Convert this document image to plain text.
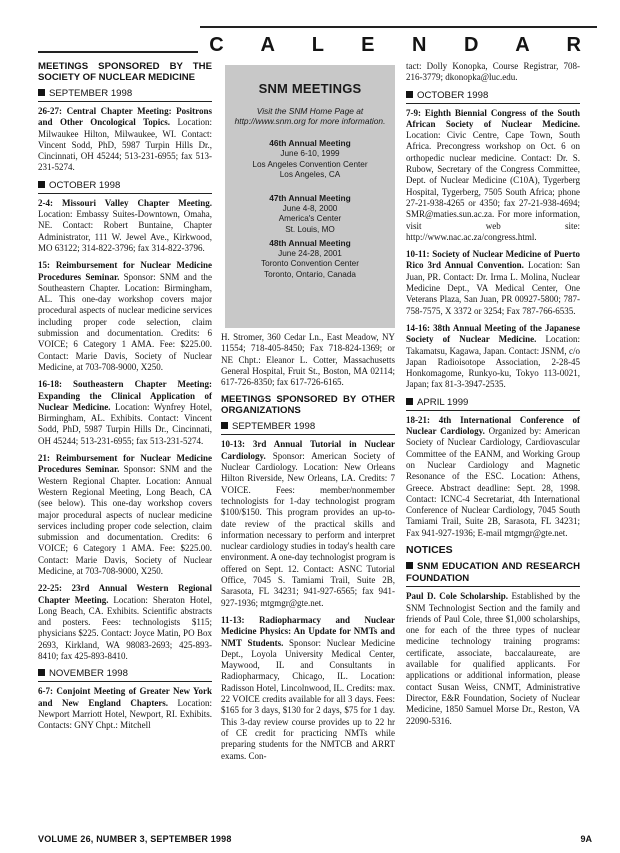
C A L E N D A R
MEETINGS SPONSORED BY THE SOCIETY OF NUCLEAR MEDICINE
SEPTEMBER 1998
26-27: Central Chapter Meeting: Positrons and Other Oncological Topics. Location: Milwaukee Hilton, Milwaukee, WI. Contact: Vincent Sodd, PhD, 5987 Turpin Hills Dr., Cincinnati, OH 45244; 513-231-6955; fax 513-231-5274.
OCTOBER 1998
2-4: Missouri Valley Chapter Meeting. Location: Embassy Suites-Downtown, Omaha, NE. Contact: Robert Buntaine, Chapter Administrator, 111 W. Jewel Ave., Kirkwood, MO 63122; 314-822-3796; fax 314-822-3796.
15: Reimbursement for Nuclear Medicine Procedures Seminar. Sponsor: SNM and the Southeastern Chapter. Location: Birmingham, AL. This one-day workshop covers major procedural aspects of nuclear medicine services including proper code selection, claim submission and documentation. Credits: 6 VOICE; 6 Category 1 AMA. Fee: $225.00. Contact: Marie Davis, Society of Nuclear Medicine, at 703-708-9000, X250.
16-18: Southeastern Chapter Meeting: Expanding the Clinical Application of Nuclear Medicine. Location: Wynfrey Hotel, Birmingham, AL. Exhibits. Contact: Vincent Sodd, PhD, 5987 Turpin Hills Dr., Cincinnati, OH 45244; 513-231-6955; fax 513-231-5274.
21: Reimbursement for Nuclear Medicine Procedures Seminar. Sponsor: SNM and the Western Regional Chapter. Location: Annual Western Regional Meeting, Long Beach, CA (see below). This one-day workshop covers major procedural aspects of nuclear medicine services including proper code selection, claim submission and documentation. Credits: 6 VOICE; 6 Category 1 AMA. Fee: $225.00. Contact: Marie Davis, Society of Nuclear Medicine, at 703-708-9000, X250.
22-25: 23rd Annual Western Regional Chapter Meeting. Location: Sheraton Hotel, Long Beach, CA. Exhibits. Scientific abstracts and posters. Fees: technologists $115; physicians $225. Contact: Joyce Matin, PO Box 2693, Kirkland, WA 98083-2693; 425-893-8410; fax 425-893-8410.
NOVEMBER 1998
6-7: Conjoint Meeting of Greater New York and New England Chapters. Location: Newport Marriott Hotel, Newport, RI. Exhibits. Contacts: GNY Chpt.: Mitchell
SNM MEETINGS
Visit the SNM Home Page at http://www.snm.org for more information.
46th Annual Meeting
June 6-10, 1999
Los Angeles Convention Center
Los Angeles, CA
47th Annual Meeting
June 4-8, 2000
America's Center
St. Louis, MO
48th Annual Meeting
June 24-28, 2001
Toronto Convention Center
Toronto, Ontario, Canada
H. Stromer, 360 Cedar Ln., East Meadow, NY 11554; 718-405-8450; Fax 718-824-1369; or NE Chpt.: Eleanor L. Cotter, Massachusetts General Hospital, Fruit St., Boston, MA 02114; 617-726-8350; fax 617-726-6165.
MEETINGS SPONSORED BY OTHER ORGANIZATIONS
SEPTEMBER 1998
10-13: 3rd Annual Tutorial in Nuclear Cardiology. Sponsor: American Society of Nuclear Cardiology. Location: New Orleans Hilton Riverside, New Orleans, LA. Credits: 7 VOICE. Fees: member/nonmember technologists for 1-day technologist program $100/$150. This program provides an up-to-date review of the practical skills and information necessary to perform and interpret nuclear cardiology studies in today's health care environment. A one-day technologist program is offered on Sept. 12. Contact: ASNC Tutorial Office, 7045 S. Tamiami Trail, Suite 2B, Sarasota, FL 34231; 941-927-6565; fax 941-927-1936; mtgmgr@gte.net.
11-13: Radiopharmacy and Nuclear Medicine Physics: An Update for NMTs and NMT Students. Sponsor: Nuclear Medicine Dept., Loyola University Medical Center, Maywood, IL and Consultants in Radiopharmacy, Chicago, IL. Location: Radisson Hotel, Lincolnwood, IL. Credits: max. 22 VOICE credits available for all 3 days. Fees: $165 for 3 days, $130 for 2 days, $75 for 1 day. This 3-day review course provides up to 22 hr of CE credit for practicing NMTs while preparing students for the NMTCB and ARRT exams. Con-
tact: Dolly Konopka, Course Registrar, 708-216-3779; dkonopka@luc.edu.
OCTOBER 1998
7-9: Eighth Biennial Congress of the South African Society of Nuclear Medicine. Location: Civic Centre, Cape Town, South Africa. Precongress workshop on Oct. 6 on orthopedic nuclear medicine. Contact: Dr. S. Rubow, Secretary of the Congress Committee, Dept. of Nuclear Medicine (C10A), Tygerberg Hospital, Tygerberg, 7505 South Africa; phone 27-21-938-4265 or 4350; fax 27-21-938-4694; SMR@maties.sun.ac.za. For more information, visit web site: http://www.nac.ac.za/congress.html.
10-11: Society of Nuclear Medicine of Puerto Rico 3rd Annual Convention. Location: San Juan, PR. Contact: Dr. Irma L. Molina, Nuclear Medicine Dept., VA Medical Center, One Veterans Plaza, San Juan, PR 00927-5800; 787-758-7575, X 3372 or 3254; Fax 787-766-6535.
14-16: 38th Annual Meeting of the Japanese Society of Nuclear Medicine. Location: Takamatsu, Kagawa, Japan. Contact: JSNM, c/o Japan Radioisotope Association, 2-28-45 Honkomagome, Runkyo-ku, Tokyo 113-0021, Japan; fax 81-3-3947-2535.
APRIL 1999
18-21: 4th International Conference of Nuclear Cardiology. Organized by: American Society of Nuclear Cardiology, Cardiovascular Committee of the EANM, and Working Group on Nuclear Cardiology and Magnetic Resonance of the ESC. Location: Athens, Greece. Abstract deadline: Sept. 28, 1998. Contact: ICNC-4 Secretariat, 4th International Conference of Nuclear Cardiology, 7045 South Tamiami Trail, Suite 2B, Sarasota, FL 34231; Fax 941-927-1936; E-mail mtgmgr@gte.net.
NOTICES
SNM EDUCATION AND RESEARCH FOUNDATION
Paul D. Cole Scholarship. Established by the SNM Technologist Section and the family and friends of Paul Cole, three $1,000 scholarships, one for each of the three types of nuclear medicine technology training programs: certificate, associate, baccalaureate, are available for qualified applicants. For applications or additional information, please contact Susan Weiss, CNMT, Administrative Director, E&R Foundation, Society of Nuclear Medicine, 1850 Samuel Morse Dr., Reston, VA 22090-5316.
VOLUME 26, NUMBER 3, SEPTEMBER 1998	9A
